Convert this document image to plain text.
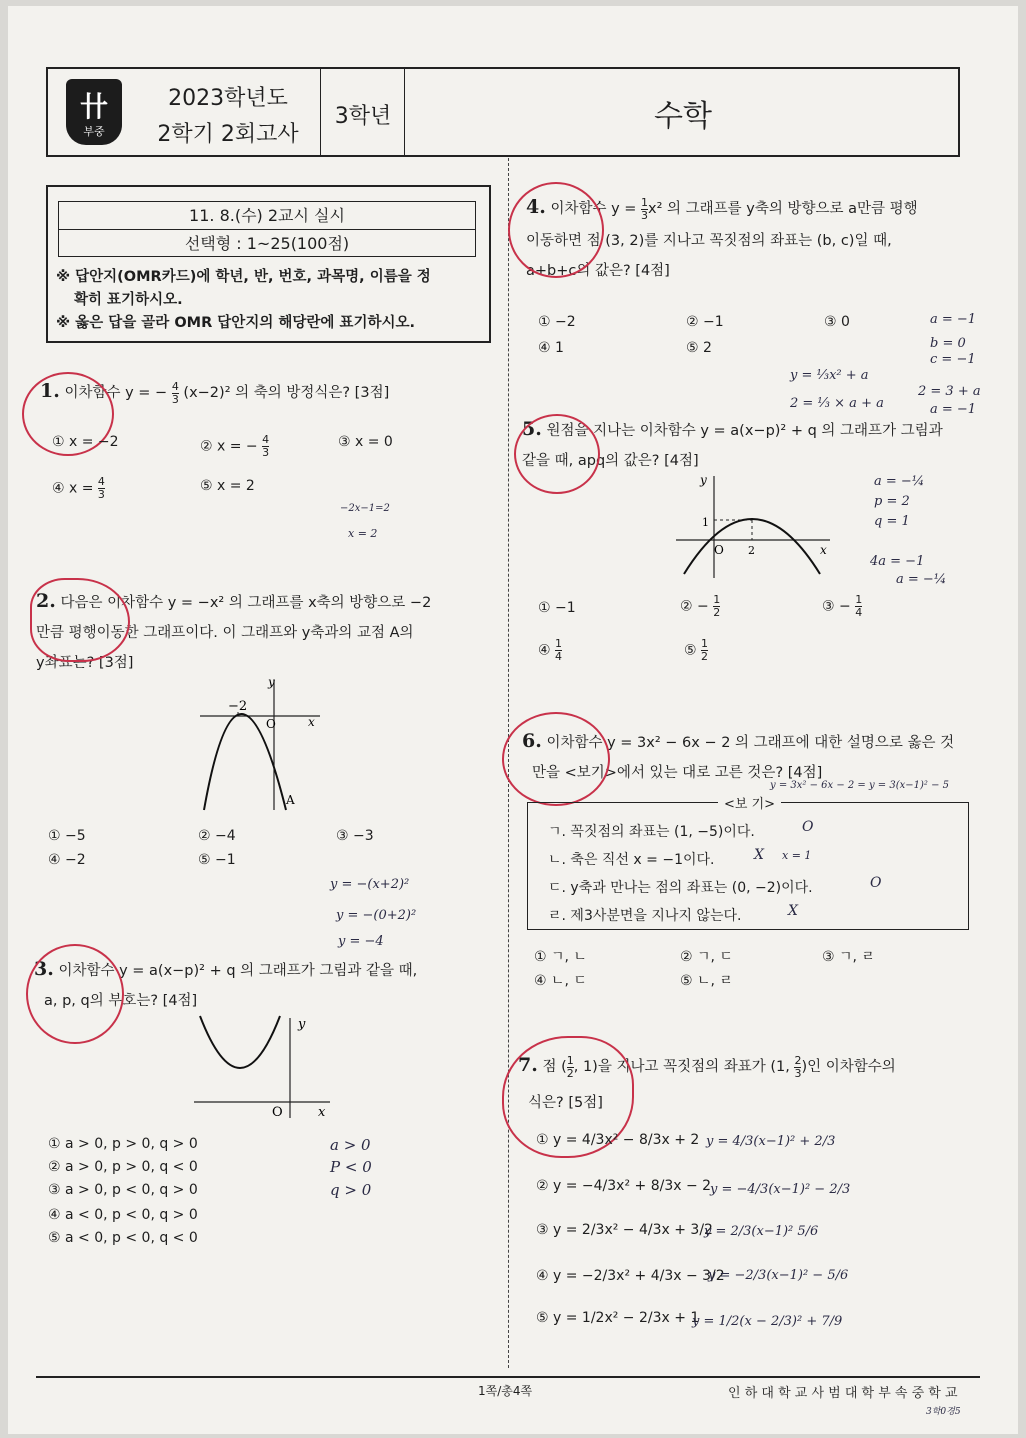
卄
부중
2023학년도
2학기 2회고사
3학년	수학
11. 8.(수) 2교시 실시
선택형 : 1~25(100점)
※ 답안지(OMR카드)에 학년, 반, 번호, 과목명, 이름을 정
확히 표기하시오.
※ 옳은 답을 골라 OMR 답안지의 해당란에 표기하시오.
1. 이차함수 y = − $\frac{4}{3} (x-2)^2$ 의 축의 방정식은? [3점]
① x = −2	② x = − $\frac{4}{3}$	③ x = 0
④ $x = \frac{4}{3}$	⑤ x = 2
−2x−1=2
x = 2
2. 다음은 이차함수 y = −x² 의 그래프를 x축의 방향으로 −2
만큼 평행이동한 그래프이다. 이 그래프와 y축과의 교점 A의
y좌표는? [3점]
y
x
O
−2
A
① −5	② −4	③ −3
④ −2	⑤ −1
y = −(x+2)²
y = −(0+2)²
y = −4
3. 이차함수 y = a(x−p)² + q 의 그래프가 그림과 같을 때,
a, p, q의 부호는? [4점]
y
x
O
① a > 0, p > 0, q > 0
② a > 0, p > 0, q < 0
③ a > 0, p < 0, q > 0
④ a < 0, p < 0, q > 0
⑤ a < 0, p < 0, q < 0
a > 0
P < 0
q > 0
4. 이차함수 $y = \frac{1}{3} x^2$ 의 그래프를 y축의 방향으로 a만큼 평행
이동하면 점 (3, 2)를 지나고 꼭짓점의 좌표는 (b, c)일 때,
a+b+c의 값은? [4점]
① −2	② −1	③ 0
④ 1	⑤ 2
a = −1
b = 0
c = −1
y = ⅓x² + a
2 = ⅓ × a + a
2 = 3 + a
a = −1
5. 원점을 지나는 이차함수 y = a(x−p)² + q 의 그래프가 그림과
같을 때, apq의 값은? [4점]
y
x
O
1
2
① −1	② − $\frac{1}{2}$	③ − $\frac{1}{4}$
④ $\frac{1}{4}$	⑤ $\frac{1}{2}$
a = −¼
p = 2
q = 1
4a = −1
a = −¼
6. 이차함수 y = 3x² − 6x − 2 의 그래프에 대한 설명으로 옳은 것
만을 <보기>에서 있는 대로 고른 것은? [4점]
y = 3x² − 6x − 2 = y = 3(x−1)² − 5
<보 기>
ㄱ. 꼭짓점의 좌표는 (1, −5)이다.
ㄴ. 축은 직선 x = −1이다.
ㄷ. y축과 만나는 점의 좌표는 (0, −2)이다.
ㄹ. 제3사분면을 지나지 않는다.
O
X x = 1
O
X
① ㄱ, ㄴ	② ㄱ, ㄷ	③ ㄱ, ㄹ
④ ㄴ, ㄷ	⑤ ㄴ, ㄹ
7. 점 ( $\frac{1}{2}$ , 1)을 지나고 꼭짓점의 좌표가 (1, $\frac{2}{3}$ )인 이차함수의
식은? [5점]
① y = 4/3x² − 8/3x + 2
② y = −4/3x² + 8/3x − 2
③ y = 2/3x² − 4/3x + 3/2
④ y = −2/3x² + 4/3x − 3/2
⑤ y = 1/2x² − 2/3x + 1
y = 4/3(x−1)² + 2/3
y = −4/3(x−1)² − 2/3
y = 2/3(x−1)² 5/6
y = −2/3(x−1)² − 5/6
y = 1/2(x − 2/3)² + 7/9
1쪽/총4쪽	인 하 대 학 교 사 범 대 학 부 속 중 학 교
3학0경5
